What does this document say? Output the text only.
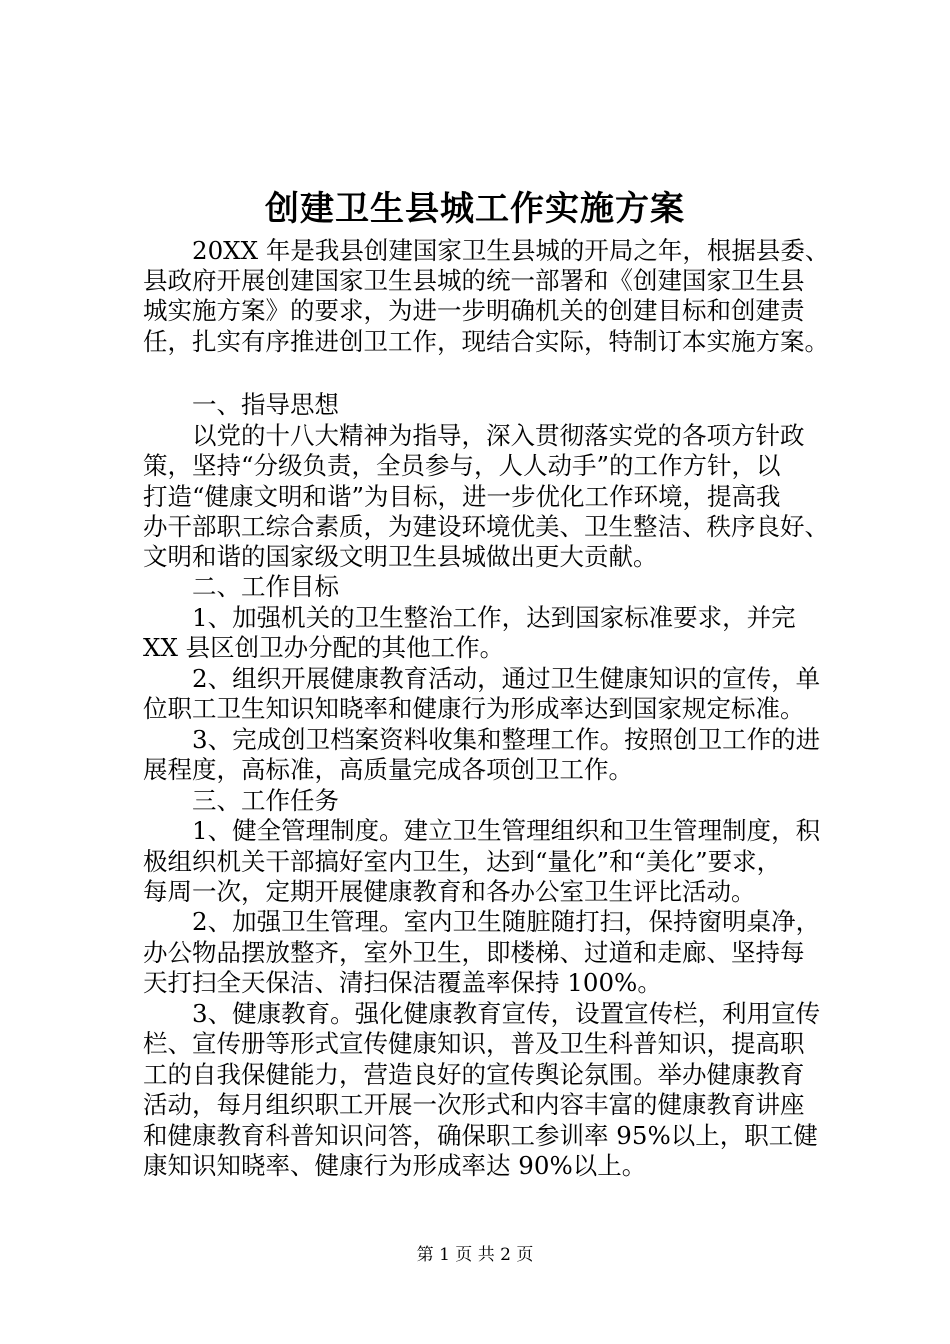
创建卫生县城工作实施方案
　　20XX 年是我县创建国家卫生县城的开局之年，根据县委、
县政府开展创建国家卫生县城的统一部署和《创建国家卫生县
城实施方案》的要求，为进一步明确机关的创建目标和创建责
任，扎实有序推进创卫工作，现结合实际，特制订本实施方案。
　　一、指导思想
　　以党的十八大精神为指导，深入贯彻落实党的各项方针政
策，坚持“分级负责，全员参与，人人动手”的工作方针，以
打造“健康文明和谐”为目标，进一步优化工作环境，提高我
办干部职工综合素质，为建设环境优美、卫生整洁、秩序良好、
文明和谐的国家级文明卫生县城做出更大贡献。
　　二、工作目标
　　1、加强机关的卫生整治工作，达到国家标准要求，并完
XX 县区创卫办分配的其他工作。
　　2、组织开展健康教育活动，通过卫生健康知识的宣传，单
位职工卫生知识知晓率和健康行为形成率达到国家规定标准。
　　3、完成创卫档案资料收集和整理工作。按照创卫工作的进
展程度，高标准，高质量完成各项创卫工作。
　　三、工作任务
　　1、健全管理制度。建立卫生管理组织和卫生管理制度，积
极组织机关干部搞好室内卫生，达到“量化”和“美化”要求，
每周一次，定期开展健康教育和各办公室卫生评比活动。
　　2、加强卫生管理。室内卫生随脏随打扫，保持窗明桌净，
办公物品摆放整齐，室外卫生，即楼梯、过道和走廊、坚持每
天打扫全天保洁、清扫保洁覆盖率保持 100%。
　　3、健康教育。强化健康教育宣传，设置宣传栏，利用宣传
栏、宣传册等形式宣传健康知识，普及卫生科普知识，提高职
工的自我保健能力，营造良好的宣传舆论氛围。举办健康教育
活动，每月组织职工开展一次形式和内容丰富的健康教育讲座
和健康教育科普知识问答，确保职工参训率 95%以上，职工健
康知识知晓率、健康行为形成率达 90%以上。
第 1 页 共 2 页
